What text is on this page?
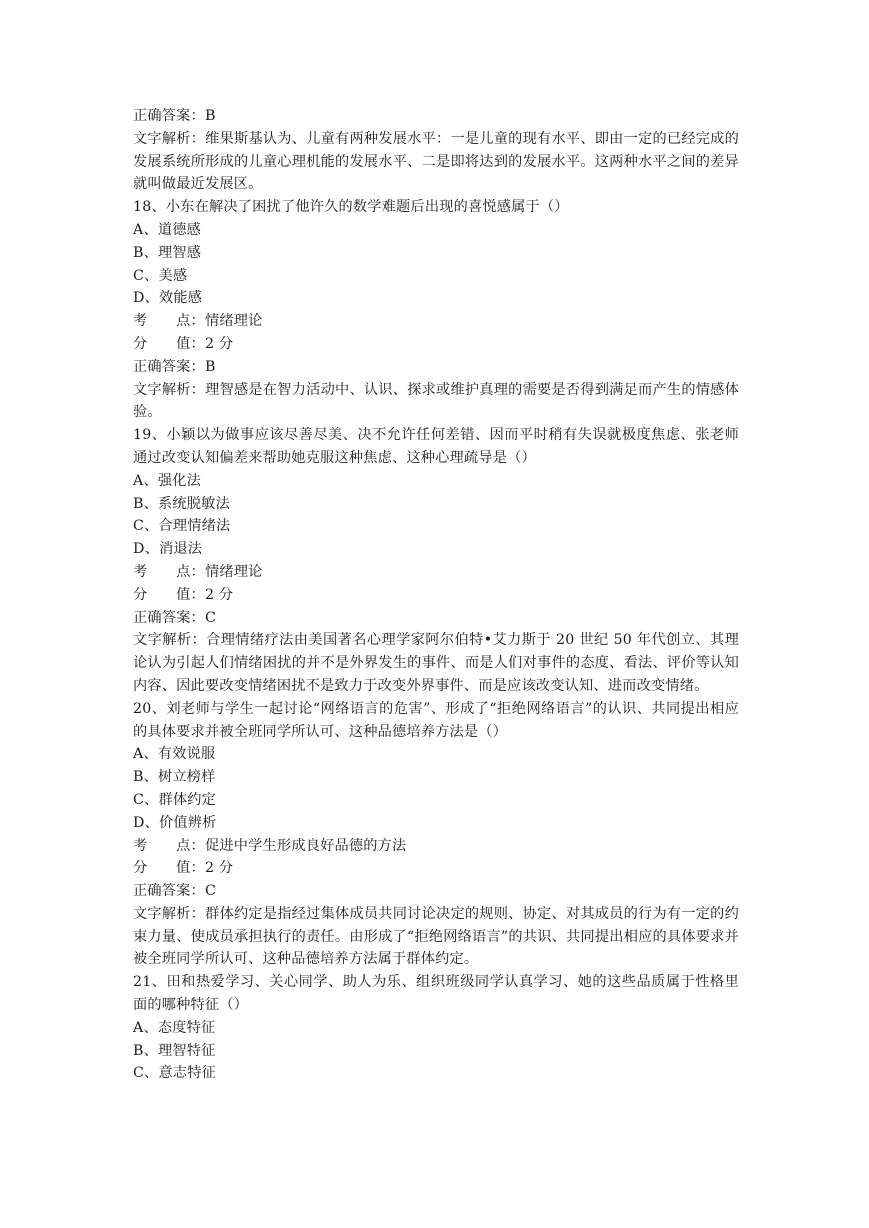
正确答案：B
文字解析：维果斯基认为、儿童有两种发展水平：一是儿童的现有水平、即由一定的已经完成的发展系统所形成的儿童心理机能的发展水平、二是即将达到的发展水平。这两种水平之间的差异就叫做最近发展区。
18、小东在解决了困扰了他许久的数学难题后出现的喜悦感属于（）
A、道德感
B、理智感
C、美感
D、效能感
考　　点：情绪理论
分　　值：2 分
正确答案：B
文字解析：理智感是在智力活动中、认识、探求或维护真理的需要是否得到满足而产生的情感体验。
19、小颖以为做事应该尽善尽美、决不允许任何差错、因而平时稍有失误就极度焦虑、张老师通过改变认知偏差来帮助她克服这种焦虑、这种心理疏导是（）
A、强化法
B、系统脱敏法
C、合理情绪法
D、消退法
考　　点：情绪理论
分　　值：2 分
正确答案：C
文字解析：合理情绪疗法由美国著名心理学家阿尔伯特•艾力斯于 20 世纪 50 年代创立、其理论认为引起人们情绪困扰的并不是外界发生的事件、而是人们对事件的态度、看法、评价等认知内容、因此要改变情绪困扰不是致力于改变外界事件、而是应该改变认知、进而改变情绪。
20、刘老师与学生一起讨论“网络语言的危害”、形成了“拒绝网络语言”的认识、共同提出相应的具体要求并被全班同学所认可、这种品德培养方法是（）
A、有效说服
B、树立榜样
C、群体约定
D、价值辨析
考　　点：促进中学生形成良好品德的方法
分　　值：2 分
正确答案：C
文字解析：群体约定是指经过集体成员共同讨论决定的规则、协定、对其成员的行为有一定的约束力量、使成员承担执行的责任。由形成了“拒绝网络语言”的共识、共同提出相应的具体要求并被全班同学所认可、这种品德培养方法属于群体约定。
21、田和热爱学习、关心同学、助人为乐、组织班级同学认真学习、她的这些品质属于性格里面的哪种特征（）
A、态度特征
B、理智特征
C、意志特征
